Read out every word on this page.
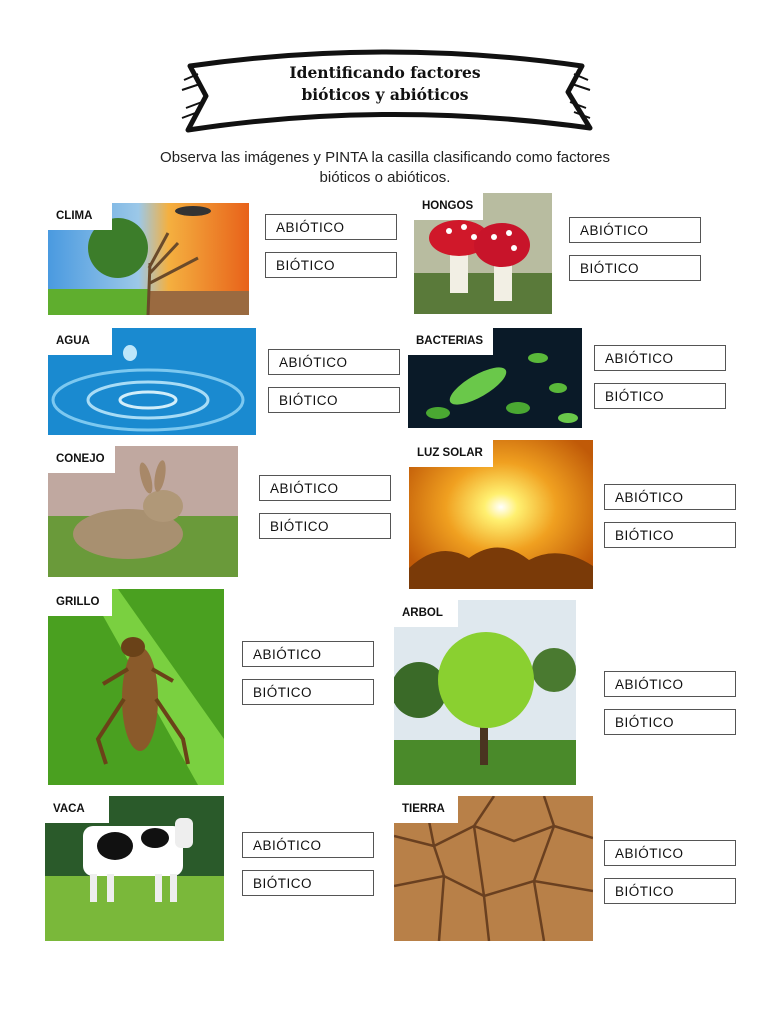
Identificando factores
bióticos y abióticos
Observa las imágenes y PINTA la casilla clasificando como factores
bióticos o abióticos.
CLIMA
ABIÓTICO
BIÓTICO
HONGOS
ABIÓTICO
BIÓTICO
AGUA
ABIÓTICO
BIÓTICO
BACTERIAS
ABIÓTICO
BIÓTICO
CONEJO
ABIÓTICO
BIÓTICO
LUZ SOLAR
ABIÓTICO
BIÓTICO
GRILLO
ABIÓTICO
BIÓTICO
ARBOL
ABIÓTICO
BIÓTICO
VACA
ABIÓTICO
BIÓTICO
TIERRA
ABIÓTICO
BIÓTICO
